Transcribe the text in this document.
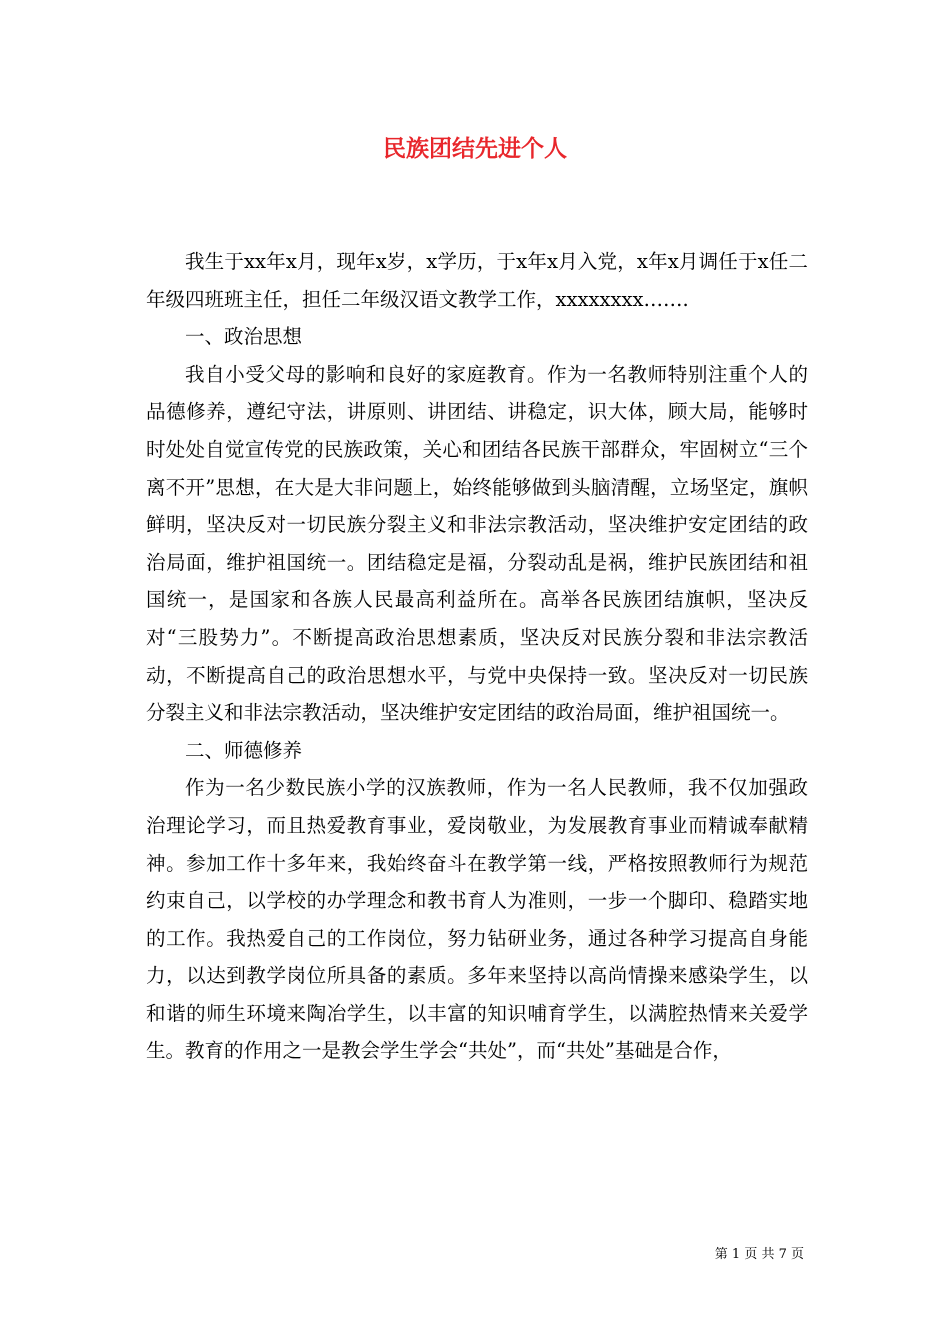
民族团结先进个人

我生于xx年x月，现年x岁，x学历，于x年x月入党，x年x月调任于x任二年级四班班主任，担任二年级汉语文教学工作，xxxxxxxx…….

一、政治思想

我自小受父母的影响和良好的家庭教育。作为一名教师特别注重个人的品德修养，遵纪守法，讲原则、讲团结、讲稳定，识大体，顾大局，能够时时处处自觉宣传党的民族政策，关心和团结各民族干部群众，牢固树立“三个离不开”思想，在大是大非问题上，始终能够做到头脑清醒，立场坚定，旗帜鲜明，坚决反对一切民族分裂主义和非法宗教活动，坚决维护安定团结的政治局面，维护祖国统一。团结稳定是福，分裂动乱是祸，维护民族团结和祖国统一，是国家和各族人民最高利益所在。高举各民族团结旗帜，坚决反对“三股势力”。不断提高政治思想素质，坚决反对民族分裂和非法宗教活动，不断提高自己的政治思想水平，与党中央保持一致。坚决反对一切民族分裂主义和非法宗教活动，坚决维护安定团结的政治局面，维护祖国统一。

二、师德修养

作为一名少数民族小学的汉族教师，作为一名人民教师，我不仅加强政治理论学习，而且热爱教育事业，爱岗敬业，为发展教育事业而精诚奉献精神。参加工作十多年来，我始终奋斗在教学第一线，严格按照教师行为规范约束自己，以学校的办学理念和教书育人为准则，一步一个脚印、稳踏实地的工作。我热爱自己的工作岗位，努力钻研业务，通过各种学习提高自身能力，以达到教学岗位所具备的素质。多年来坚持以高尚情操来感染学生，以和谐的师生环境来陶冶学生，以丰富的知识哺育学生，以满腔热情来关爱学生。教育的作用之一是教会学生学会“共处”，而“共处”基础是合作，

第 1 页 共 7 页
